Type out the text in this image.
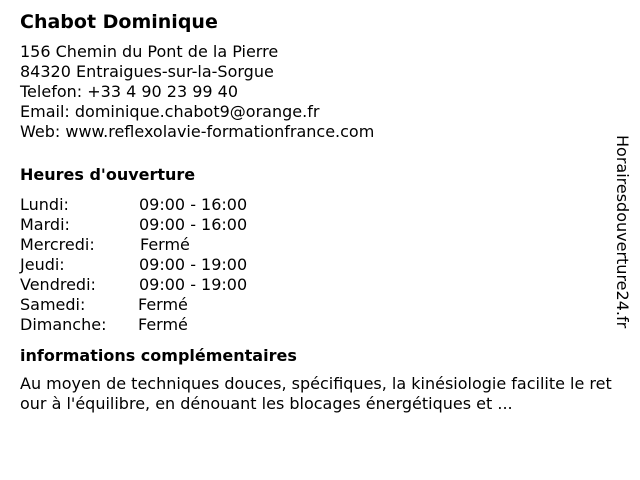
Chabot Dominique
156 Chemin du Pont de la Pierre
84320 Entraigues-sur-la-Sorgue
Telefon: +33 4 90 23 99 40
Email: dominique.chabot9@orange.fr
Web: www.reflexolavie-formationfrance.com
Heures d'ouverture
Lundi:	09:00 - 16:00
Mardi:	09:00 - 16:00
Mercredi:	Fermé
Jeudi:	09:00 - 19:00
Vendredi:	09:00 - 19:00
Samedi:	Fermé
Dimanche: Fermé
informations complémentaires
Au moyen de techniques douces, spécifiques, la kinésiologie facilite le retour à l'équilibre, en dénouant les blocages énergétiques et ...
Horairesdouverture24.fr
